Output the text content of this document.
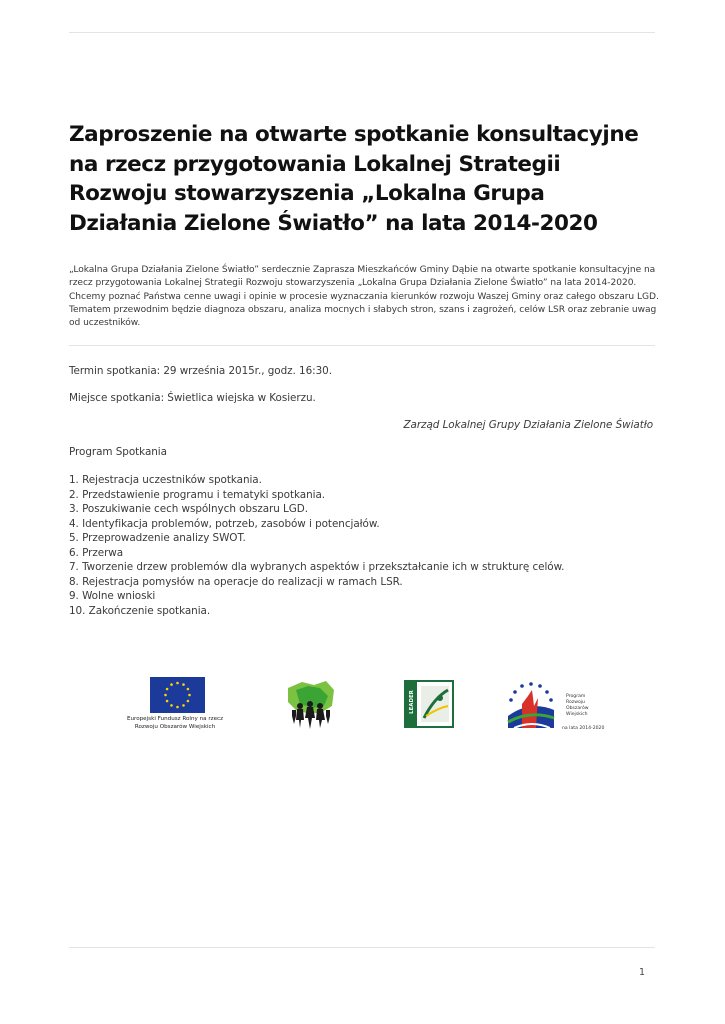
Zaproszenie na otwarte spotkanie konsultacyjne na rzecz przygotowania Lokalnej Strategii Rozwoju stowarzyszenia „Lokalna Grupa Działania Zielone Światło” na lata 2014-2020

„Lokalna Grupa Działania Zielone Światło” serdecznie Zaprasza Mieszkańców Gminy Dąbie na otwarte spotkanie konsultacyjne na rzecz przygotowania Lokalnej Strategii Rozwoju stowarzyszenia „Lokalna Grupa Działania Zielone Światło” na lata 2014-2020. Chcemy poznać Państwa cenne uwagi i opinie w procesie wyznaczania kierunków rozwoju Waszej Gminy oraz całego obszaru LGD. Tematem przewodnim będzie diagnoza obszaru, analiza mocnych i słabych stron, szans i zagrożeń, celów LSR oraz zebranie uwag od uczestników.

Termin spotkania: 29 września 2015r., godz. 16:30.

Miejsce spotkania: Świetlica wiejska w Kosierzu.

Zarząd Lokalnej Grupy Działania Zielone Światło

Program Spotkania

1. Rejestracja uczestników spotkania.
2. Przedstawienie programu i tematyki spotkania.
3. Poszukiwanie cech wspólnych obszaru LGD.
4. Identyfikacja problemów, potrzeb, zasobów i potencjałów.
5. Przeprowadzenie analizy SWOT.
6. Przerwa
7. Tworzenie drzew problemów dla wybranych aspektów i przekształcanie ich w strukturę celów.
8. Rejestracja pomysłów na operacje do realizacji w ramach LSR.
9. Wolne wnioski
10. Zakończenie spotkania.
Europejski Fundusz Rolny na rzecz
Rozwoju Obszarów Wiejskich
LEADER	Program
Rozwoju
Obszarów
Wiejskich
na lata 2014-2020
1
